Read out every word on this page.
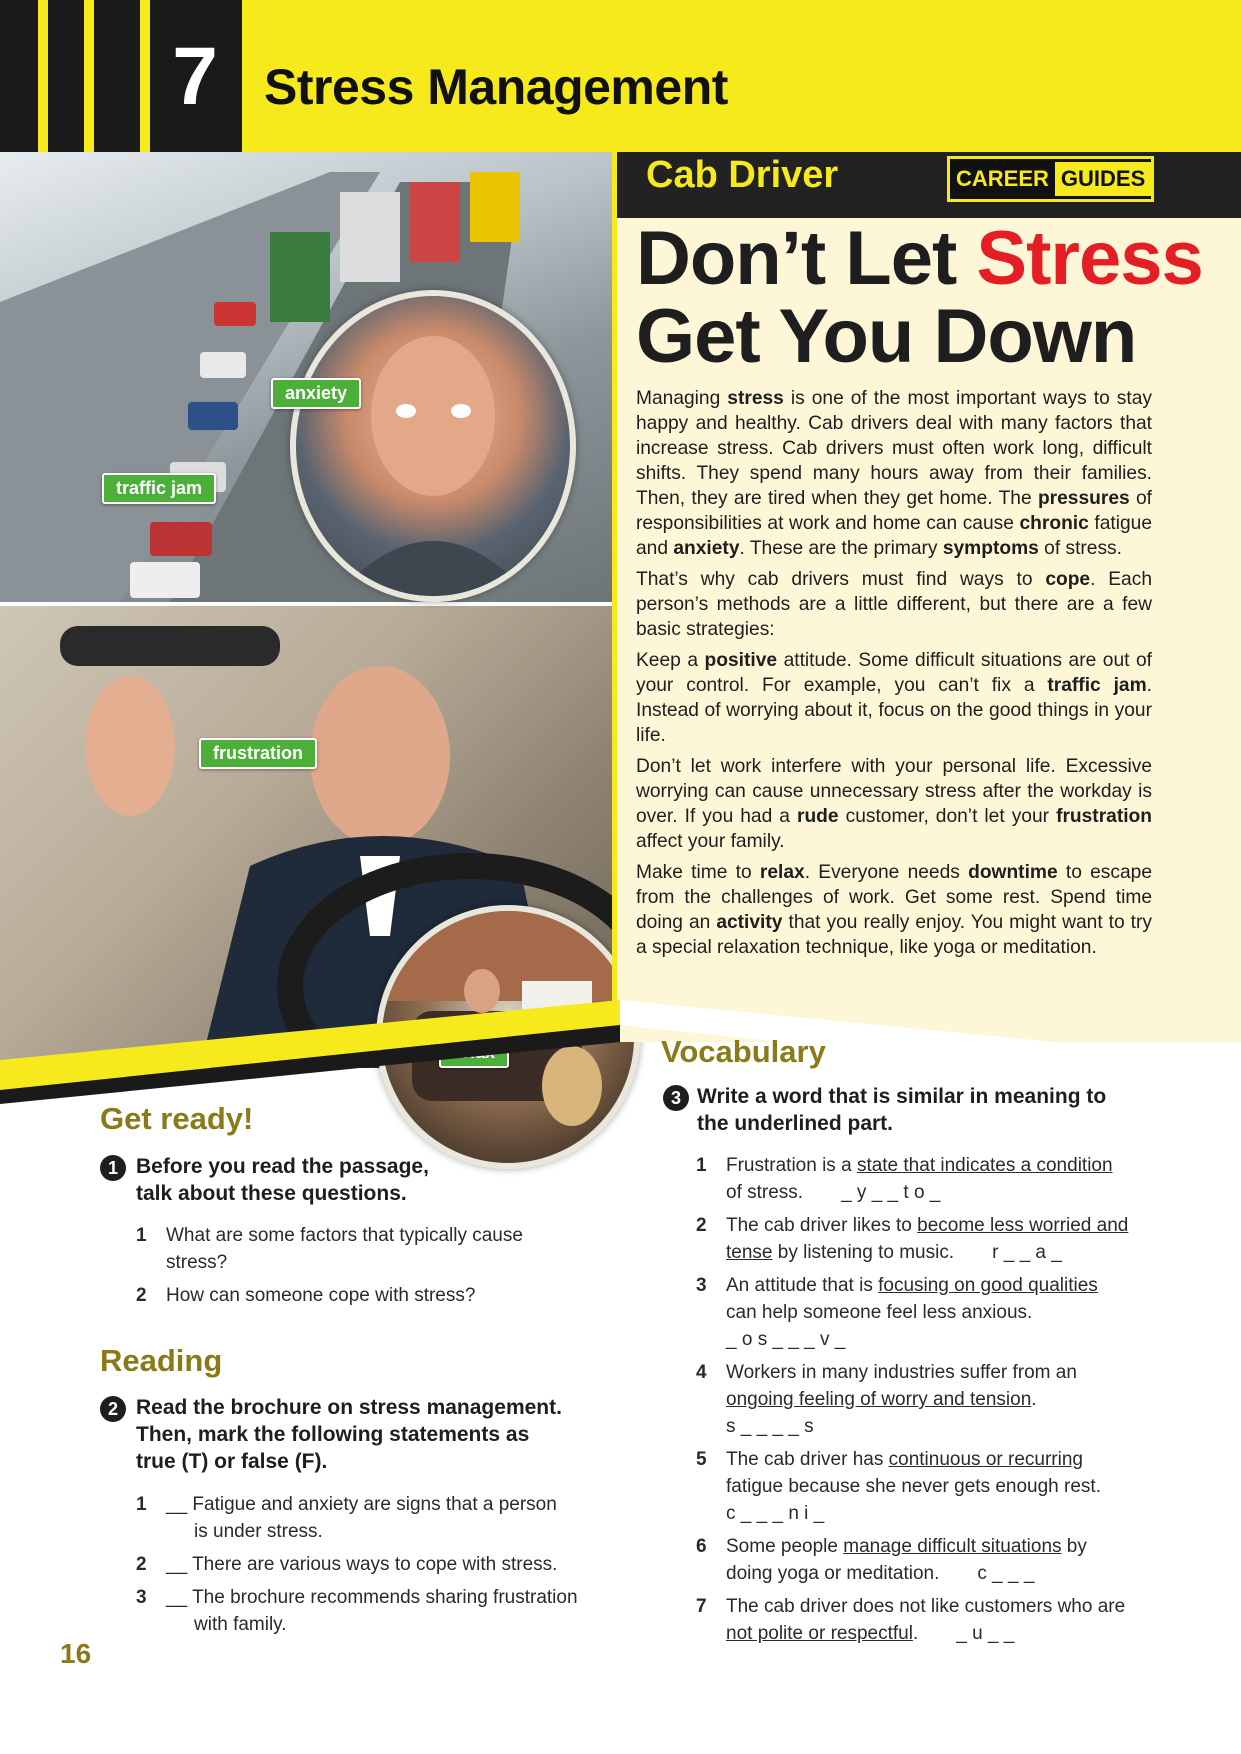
7 Stress Management
anxiety
traffic jam
frustration
Cab Driver	CAREER GUIDES
Don’t Let Stress
Get You Down

Managing stress is one of the most important ways to stay happy and healthy. Cab drivers deal with many factors that increase stress. Cab drivers must often work long, difficult shifts. They spend many hours away from their families. Then, they are tired when they get home. The pressures of responsibilities at work and home can cause chronic fatigue and anxiety. These are the primary symptoms of stress.

That’s why cab drivers must find ways to cope. Each person’s methods are a little different, but there are a few basic strategies:

Keep a positive attitude. Some difficult situations are out of your control. For example, you can’t fix a traffic jam. Instead of worrying about it, focus on the good things in your life.

Don’t let work interfere with your personal life. Excessive worrying can cause unnecessary stress after the workday is over. If you had a rude customer, don’t let your frustration affect your family.

Make time to relax. Everyone needs downtime to escape from the challenges of work. Get some rest. Spend time doing an activity that you really enjoy. You might want to try a special relaxation technique, like yoga or meditation.

Get ready!
1 Before you read the passage,
talk about these questions.
1 What are some factors that typically cause
stress?
2 How can someone cope with stress?
Reading
2 Read the brochure on stress management.
Then, mark the following statements as
true (T) or false (F).
1 __ Fatigue and anxiety are signs that a person
is under stress.
2 __ There are various ways to cope with stress.
3 __ The brochure recommends sharing frustration
with family.
Vocabulary
3 Write a word that is similar in meaning to
the underlined part.
1 Frustration is a state that indicates a condition
of stress. _ y _ _ t o _
2 The cab driver likes to become less worried and
tense by listening to music. r _ _ a _
3 An attitude that is focusing on good qualities
can help someone feel less anxious.
_ o s _ _ _ v _
4 Workers in many industries suffer from an
ongoing feeling of worry and tension.
s _ _ _ _ s
5 The cab driver has continuous or recurring
fatigue because she never gets enough rest.
c _ _ _ n i _
6 Some people manage difficult situations by
doing yoga or meditation. c _ _ _
7 The cab driver does not like customers who are
not polite or respectful. _ u _ _
16
